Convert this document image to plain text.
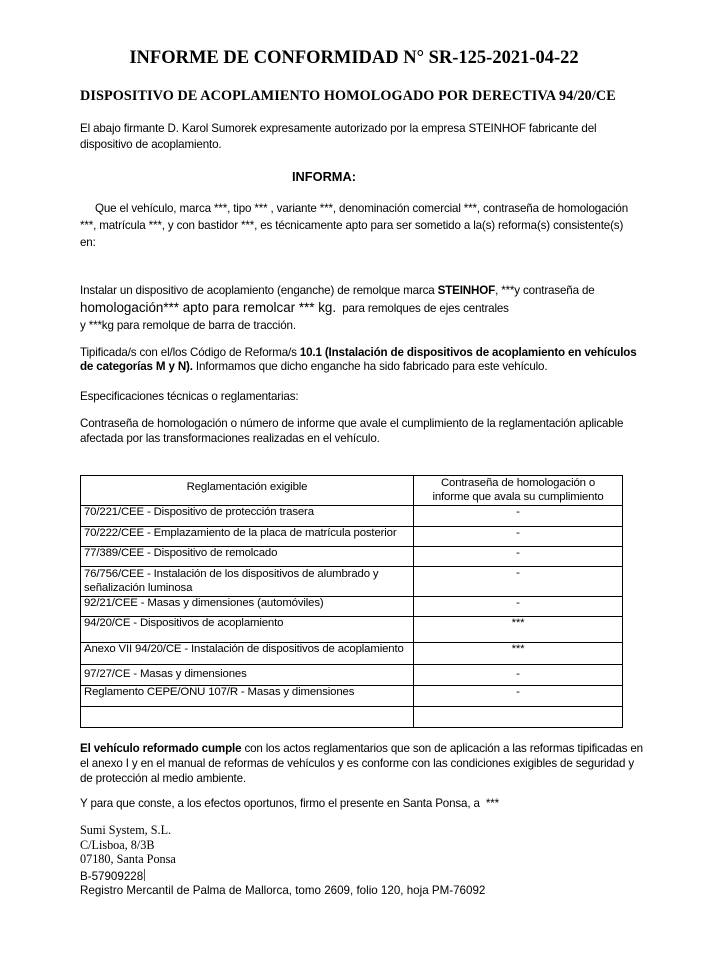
INFORME DE CONFORMIDAD N° SR-125-2021-04-22
DISPOSITIVO DE ACOPLAMIENTO HOMOLOGADO POR DERECTIVA 94/20/CE
El abajo firmante D. Karol Sumorek expresamente autorizado por la empresa STEINHOF fabricante del
dispositivo de acoplamiento.
INFORMA:
Que el vehículo, marca ***, tipo *** , variante ***, denominación comercial ***, contraseña de homologación
***, matrícula ***, y con bastidor ***, es técnicamente apto para ser sometido a la(s) reforma(s) consistente(s)
en:
Instalar un dispositivo de acoplamiento (enganche) de remolque marca STEINHOF, ***y contraseña de
homologación*** apto para remolcar *** kg.  para remolques de ejes centrales
y ***kg para remolque de barra de tracción.
Tipificada/s con el/los Código de Reforma/s 10.1 (Instalación de dispositivos de acoplamiento en vehículos
de categorías M y N). Informamos que dicho enganche ha sido fabricado para este vehículo.
Especificaciones técnicas o reglamentarias:
Contraseña de homologación o número de informe que avale el cumplimiento de la reglamentación aplicable
afectada por las transformaciones realizadas en el vehículo.
Reglamentación exigible	Contraseña de homologación o
informe que avala su cumplimiento

70/221/CEE - Dispositivo de protección trasera	-
70/222/CEE - Emplazamiento de la placa de matrícula posterior	-
77/389/CEE - Dispositivo de remolcado	-

76/756/CEE - Instalación de los dispositivos de alumbrado y
señalización luminosa	-
92/21/CEE - Masas y dimensiones (automóviles)	-
94/20/CE - Dispositivos de acoplamiento	***
Anexo VII 94/20/CE - Instalación de dispositivos de acoplamiento	***
97/27/CE - Masas y dimensiones	-
Reglamento CEPE/ONU 107/R - Masas y dimensiones	-

El vehículo reformado cumple con los actos reglamentarios que son de aplicación a las reformas tipificadas en
el anexo I y en el manual de reformas de vehículos y es conforme con las condiciones exigibles de seguridad y
de protección al medio ambiente.
Y para que conste, a los efectos oportunos, firmo el presente en Santa Ponsa, a  ***
Sumi System, S.L.
C/Lisboa, 8/3B
07180, Santa Ponsa
B-57909228
Registro Mercantil de Palma de Mallorca, tomo 2609, folio 120, hoja PM-76092
